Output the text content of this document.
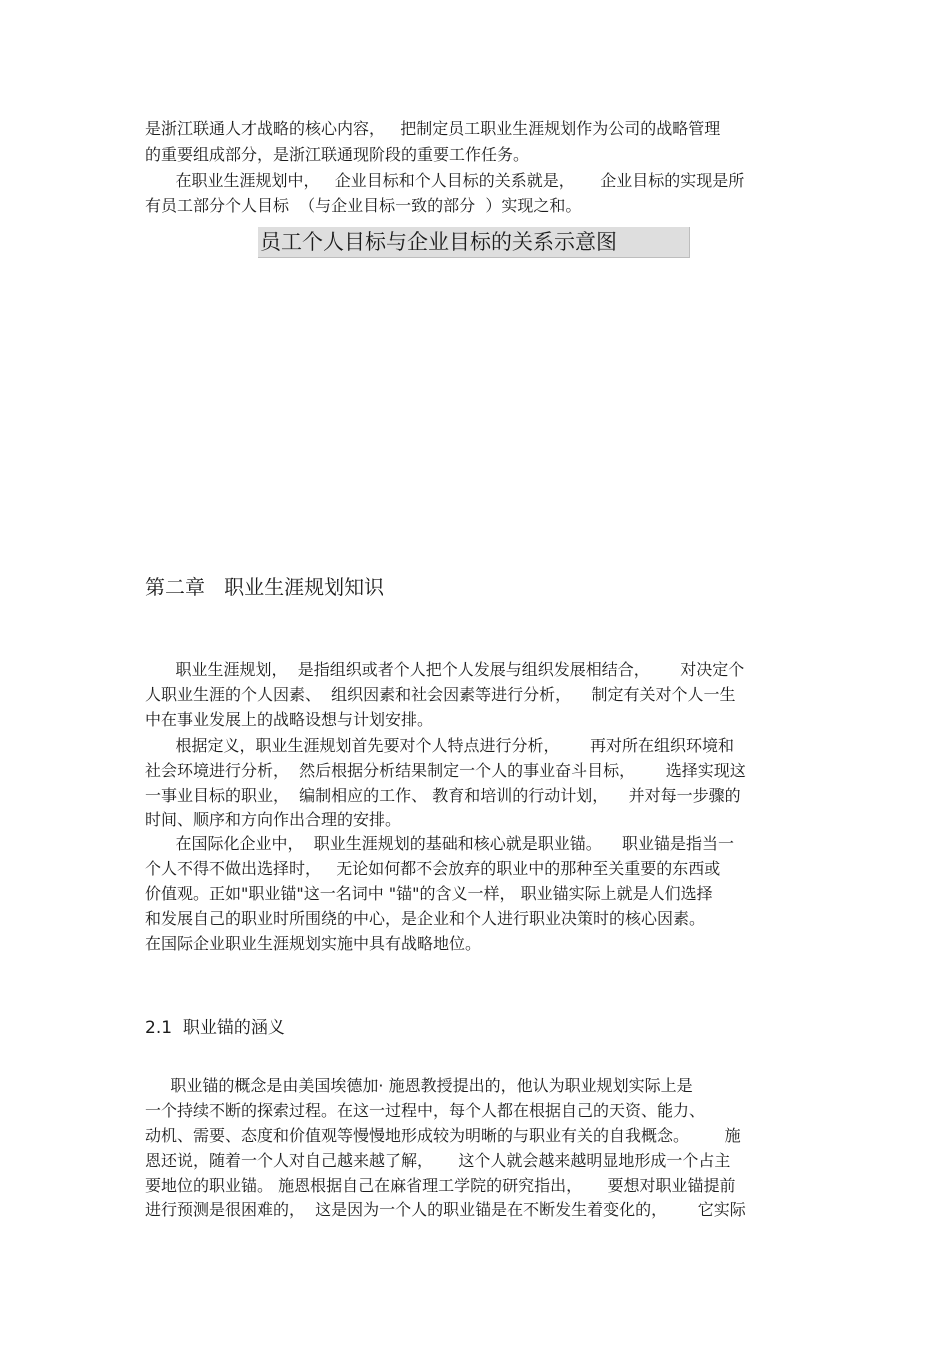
是浙江联通人才战略的核心内容，   把制定员工职业生涯规划作为公司的战略管理
的重要组成部分，是浙江联通现阶段的重要工作任务。
在职业生涯规划中，   企业目标和个人目标的关系就是，     企业目标的实现是所
有员工部分个人目标  （与企业目标一致的部分  ）实现之和。
员工个人目标与企业目标的关系示意图
第二章   职业生涯规划知识
职业生涯规划，  是指组织或者个人把个人发展与组织发展相结合，      对决定个
人职业生涯的个人因素、  组织因素和社会因素等进行分析，    制定有关对个人一生
中在事业发展上的战略设想与计划安排。
根据定义，职业生涯规划首先要对个人特点进行分析，      再对所在组织环境和
社会环境进行分析，  然后根据分析结果制定一个人的事业奋斗目标，      选择实现这
一事业目标的职业，  编制相应的工作、 教育和培训的行动计划，    并对每一步骤的
时间、顺序和方向作出合理的安排。
在国际化企业中，  职业生涯规划的基础和核心就是职业锚。    职业锚是指当一
个人不得不做出选择时，   无论如何都不会放弃的职业中的那种至关重要的东西或
价值观。正如"职业锚"这一名词中 "锚"的含义一样， 职业锚实际上就是人们选择
和发展自己的职业时所围绕的中心，是企业和个人进行职业决策时的核心因素。
在国际企业职业生涯规划实施中具有战略地位。
2.1  职业锚的涵义
职业锚的概念是由美国埃德加· 施恩教授提出的，他认为职业规划实际上是
一个持续不断的探索过程。在这一过程中，每个人都在根据自己的天资、能力、
动机、需要、态度和价值观等慢慢地形成较为明晰的与职业有关的自我概念。       施
恩还说，随着一个人对自己越来越了解，     这个人就会越来越明显地形成一个占主
要地位的职业锚。 施恩根据自己在麻省理工学院的研究指出，     要想对职业锚提前
进行预测是很困难的，  这是因为一个人的职业锚是在不断发生着变化的，      它实际
